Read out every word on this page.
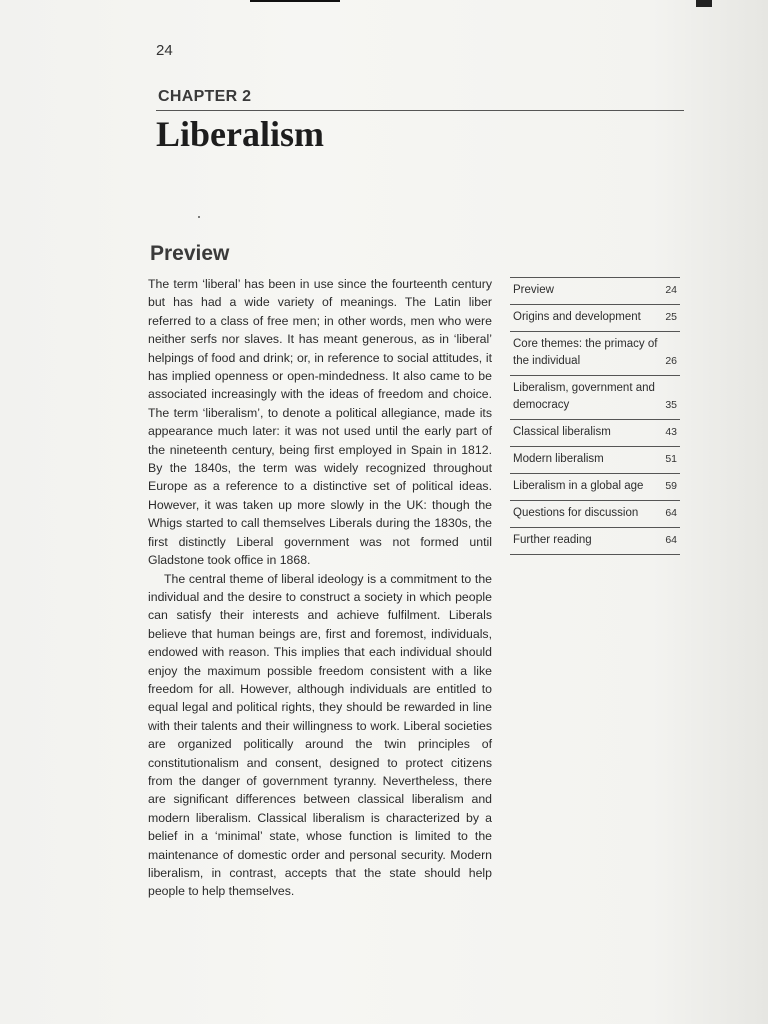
24
CHAPTER 2
Liberalism
Preview

The term ‘liberal’ has been in use since the fourteenth century but has had a wide variety of meanings. The Latin liber referred to a class of free men; in other words, men who were neither serfs nor slaves. It has meant generous, as in ‘liberal’ helpings of food and drink; or, in reference to social attitudes, it has implied openness or open-mindedness. It also came to be associated increasingly with the ideas of freedom and choice. The term ‘liberalism’, to denote a political allegiance, made its appearance much later: it was not used until the early part of the nineteenth century, being first employed in Spain in 1812. By the 1840s, the term was widely recognized throughout Europe as a reference to a distinctive set of political ideas. However, it was taken up more slowly in the UK: though the Whigs started to call themselves Liberals during the 1830s, the first distinctly Liberal government was not formed until Gladstone took office in 1868.

The central theme of liberal ideology is a commitment to the individual and the desire to construct a society in which people can satisfy their interests and achieve fulfilment. Liberals believe that human beings are, first and foremost, individuals, endowed with reason. This implies that each individual should enjoy the maximum possible freedom consistent with a like freedom for all. However, although individuals are entitled to equal legal and political rights, they should be rewarded in line with their talents and their willingness to work. Liberal societies are organized politically around the twin principles of constitutionalism and consent, designed to protect citizens from the danger of government tyranny. Nevertheless, there are significant differences between classical liberalism and modern liberalism. Classical liberalism is characterized by a belief in a ‘minimal’ state, whose function is limited to the maintenance of domestic order and personal security. Modern liberalism, in contrast, accepts that the state should help people to help themselves.

Preview	24
Origins and development	25
Core themes: the primacy of the individual	26
Liberalism, government and democracy	35
Classical liberalism	43
Modern liberalism	51
Liberalism in a global age	59
Questions for discussion	64
Further reading	64
